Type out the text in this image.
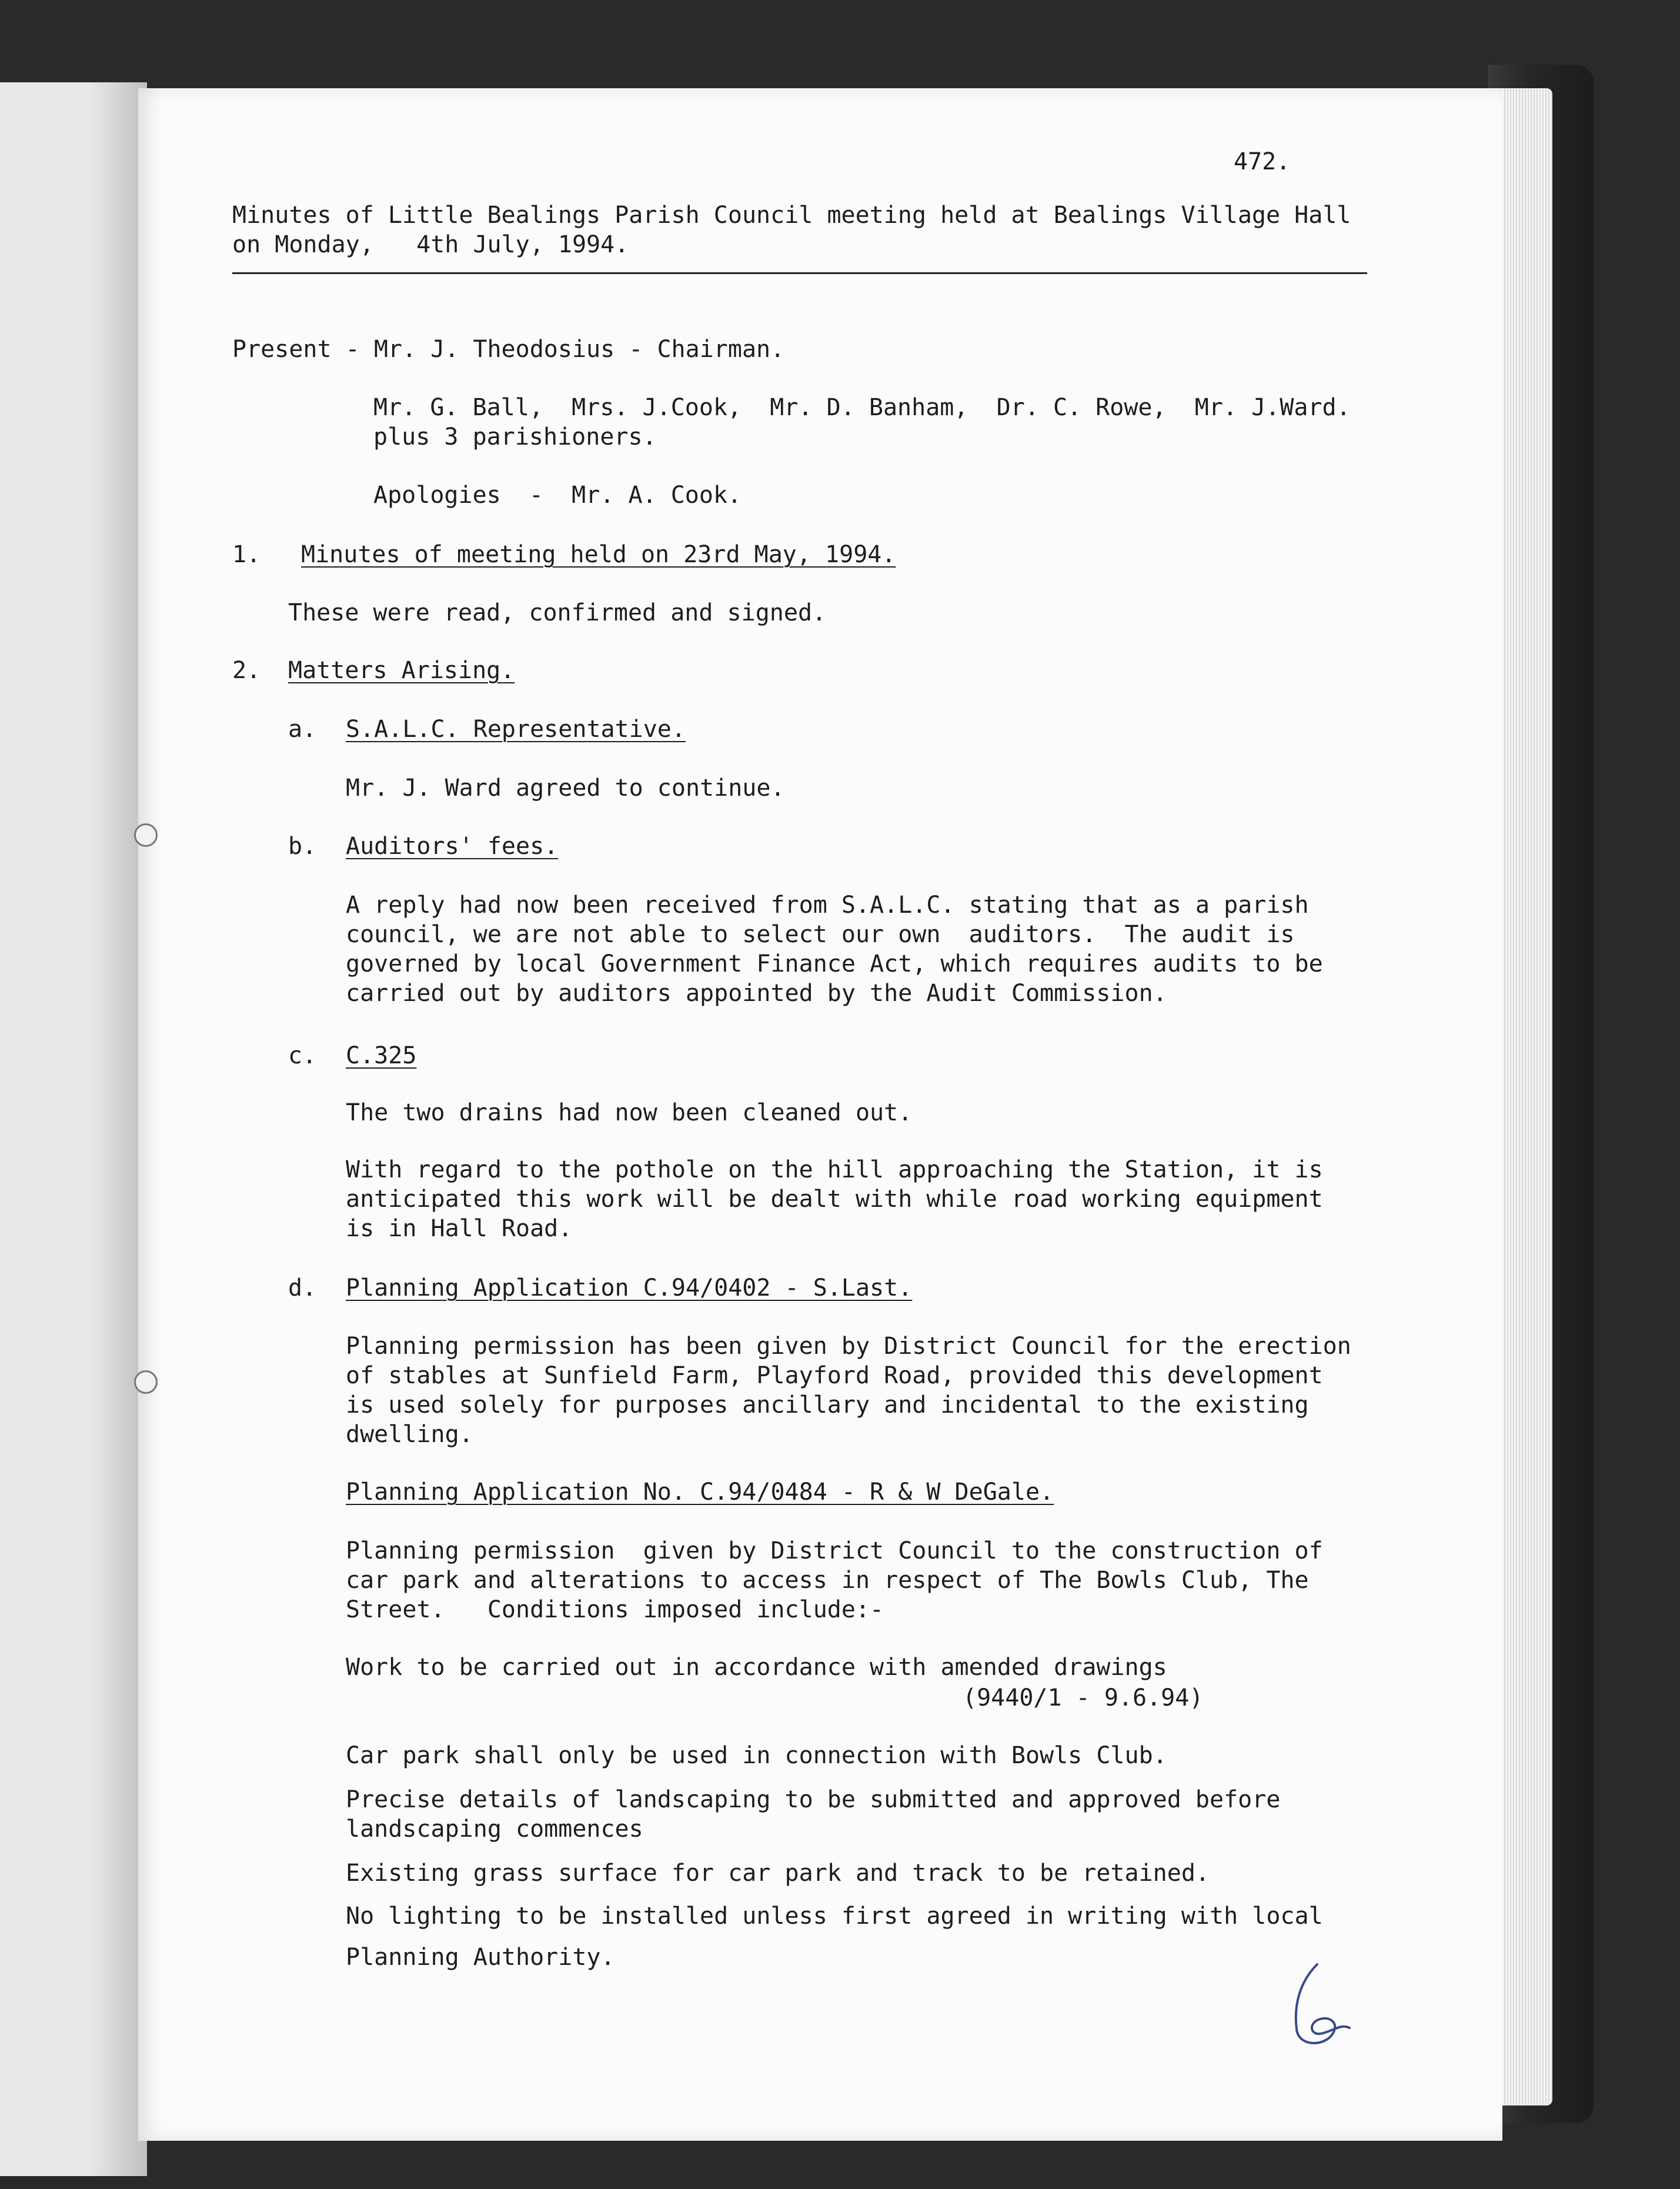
472.
Minutes of Little Bealings Parish Council meeting held at Bealings Village Hall
on Monday,   4th July, 1994.
Present - Mr. J. Theodosius - Chairman.
Mr. G. Ball,  Mrs. J.Cook,  Mr. D. Banham,  Dr. C. Rowe,  Mr. J.Ward.
plus 3 parishioners.
Apologies  -  Mr. A. Cook.
1. Minutes of meeting held on 23rd May, 1994.
These were read, confirmed and signed.
2. Matters Arising.
a. S.A.L.C. Representative.
Mr. J. Ward agreed to continue.
b. Auditors' fees.
A reply had now been received from S.A.L.C. stating that as a parish
council, we are not able to select our own  auditors.  The audit is
governed by local Government Finance Act, which requires audits to be
carried out by auditors appointed by the Audit Commission.
c. C.325
The two drains had now been cleaned out.
With regard to the pothole on the hill approaching the Station, it is
anticipated this work will be dealt with while road working equipment
is in Hall Road.
d. Planning Application C.94/0402 - S.Last.
Planning permission has been given by District Council for the erection
of stables at Sunfield Farm, Playford Road, provided this development
is used solely for purposes ancillary and incidental to the existing
dwelling.
Planning Application No. C.94/0484 - R & W DeGale.
Planning permission  given by District Council to the construction of
car park and alterations to access in respect of The Bowls Club, The
Street.   Conditions imposed include:-
Work to be carried out in accordance with amended drawings
(9440/1 - 9.6.94)
Car park shall only be used in connection with Bowls Club.
Precise details of landscaping to be submitted and approved before
landscaping commences
Existing grass surface for car park and track to be retained.
No lighting to be installed unless first agreed in writing with local
Planning Authority.
